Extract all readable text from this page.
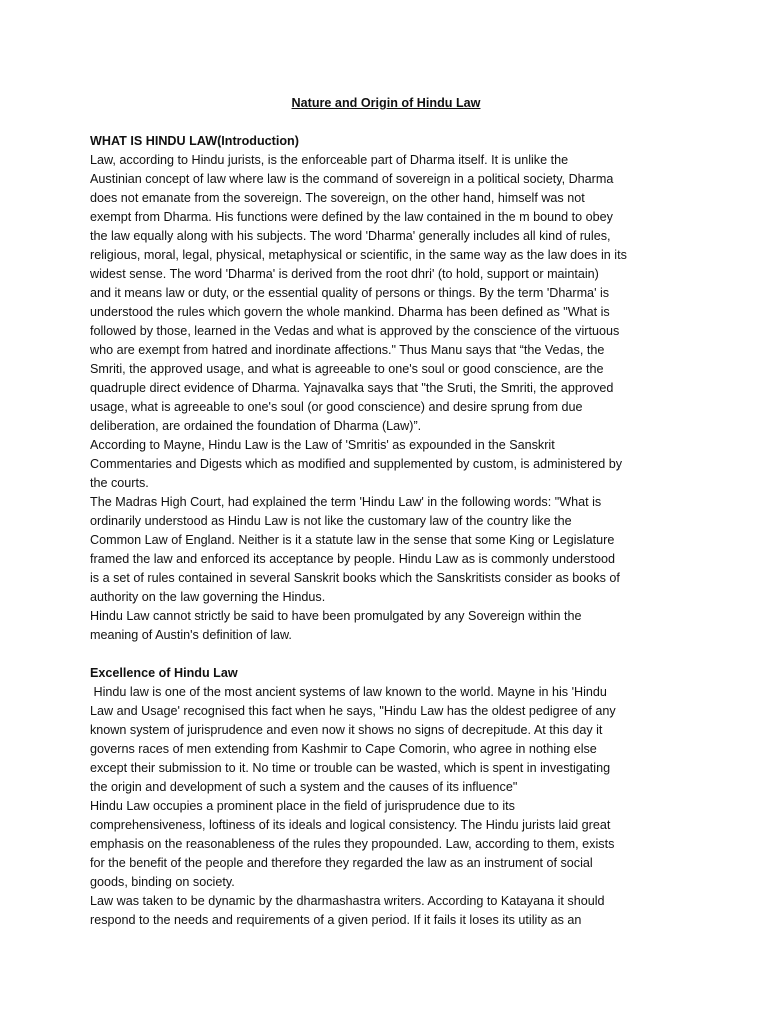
Nature and Origin of Hindu Law
WHAT IS HINDU LAW(Introduction)
Law, according to Hindu jurists, is the enforceable part of Dharma itself. It is unlike the
Austinian concept of law where law is the command of sovereign in a political society, Dharma
does not emanate from the sovereign. The sovereign, on the other hand, himself was not
exempt from Dharma. His functions were defined by the law contained in the m bound to obey
the law equally along with his subjects. The word 'Dharma' generally includes all kind of rules,
religious, moral, legal, physical, metaphysical or scientific, in the same way as the law does in its
widest sense. The word 'Dharma' is derived from the root dhri' (to hold, support or maintain)
and it means law or duty, or the essential quality of persons or things. By the term 'Dharma' is
understood the rules which govern the whole mankind. Dharma has been defined as "What is
followed by those, learned in the Vedas and what is approved by the conscience of the virtuous
who are exempt from hatred and inordinate affections." Thus Manu says that “the Vedas, the
Smriti, the approved usage, and what is agreeable to one's soul or good conscience, are the
quadruple direct evidence of Dharma. Yajnavalka says that "the Sruti, the Smriti, the approved
usage, what is agreeable to one's soul (or good conscience) and desire sprung from due
deliberation, are ordained the foundation of Dharma (Law)”.
According to Mayne, Hindu Law is the Law of 'Smritis' as expounded in the Sanskrit
Commentaries and Digests which as modified and supplemented by custom, is administered by
the courts.
The Madras High Court, had explained the term 'Hindu Law' in the following words: "What is
ordinarily understood as Hindu Law is not like the customary law of the country like the
Common Law of England. Neither is it a statute law in the sense that some King or Legislature
framed the law and enforced its acceptance by people. Hindu Law as is commonly understood
is a set of rules contained in several Sanskrit books which the Sanskritists consider as books of
authority on the law governing the Hindus.
Hindu Law cannot strictly be said to have been promulgated by any Sovereign within the
meaning of Austin's definition of law.
Excellence of Hindu Law
Hindu law is one of the most ancient systems of law known to the world. Mayne in his 'Hindu
Law and Usage' recognised this fact when he says, "Hindu Law has the oldest pedigree of any
known system of jurisprudence and even now it shows no signs of decrepitude. At this day it
governs races of men extending from Kashmir to Cape Comorin, who agree in nothing else
except their submission to it. No time or trouble can be wasted, which is spent in investigating
the origin and development of such a system and the causes of its influence"
Hindu Law occupies a prominent place in the field of jurisprudence due to its
comprehensiveness, loftiness of its ideals and logical consistency. The Hindu jurists laid great
emphasis on the reasonableness of the rules they propounded. Law, according to them, exists
for the benefit of the people and therefore they regarded the law as an instrument of social
goods, binding on society.
Law was taken to be dynamic by the dharmashastra writers. According to Katayana it should
respond to the needs and requirements of a given period. If it fails it loses its utility as an
